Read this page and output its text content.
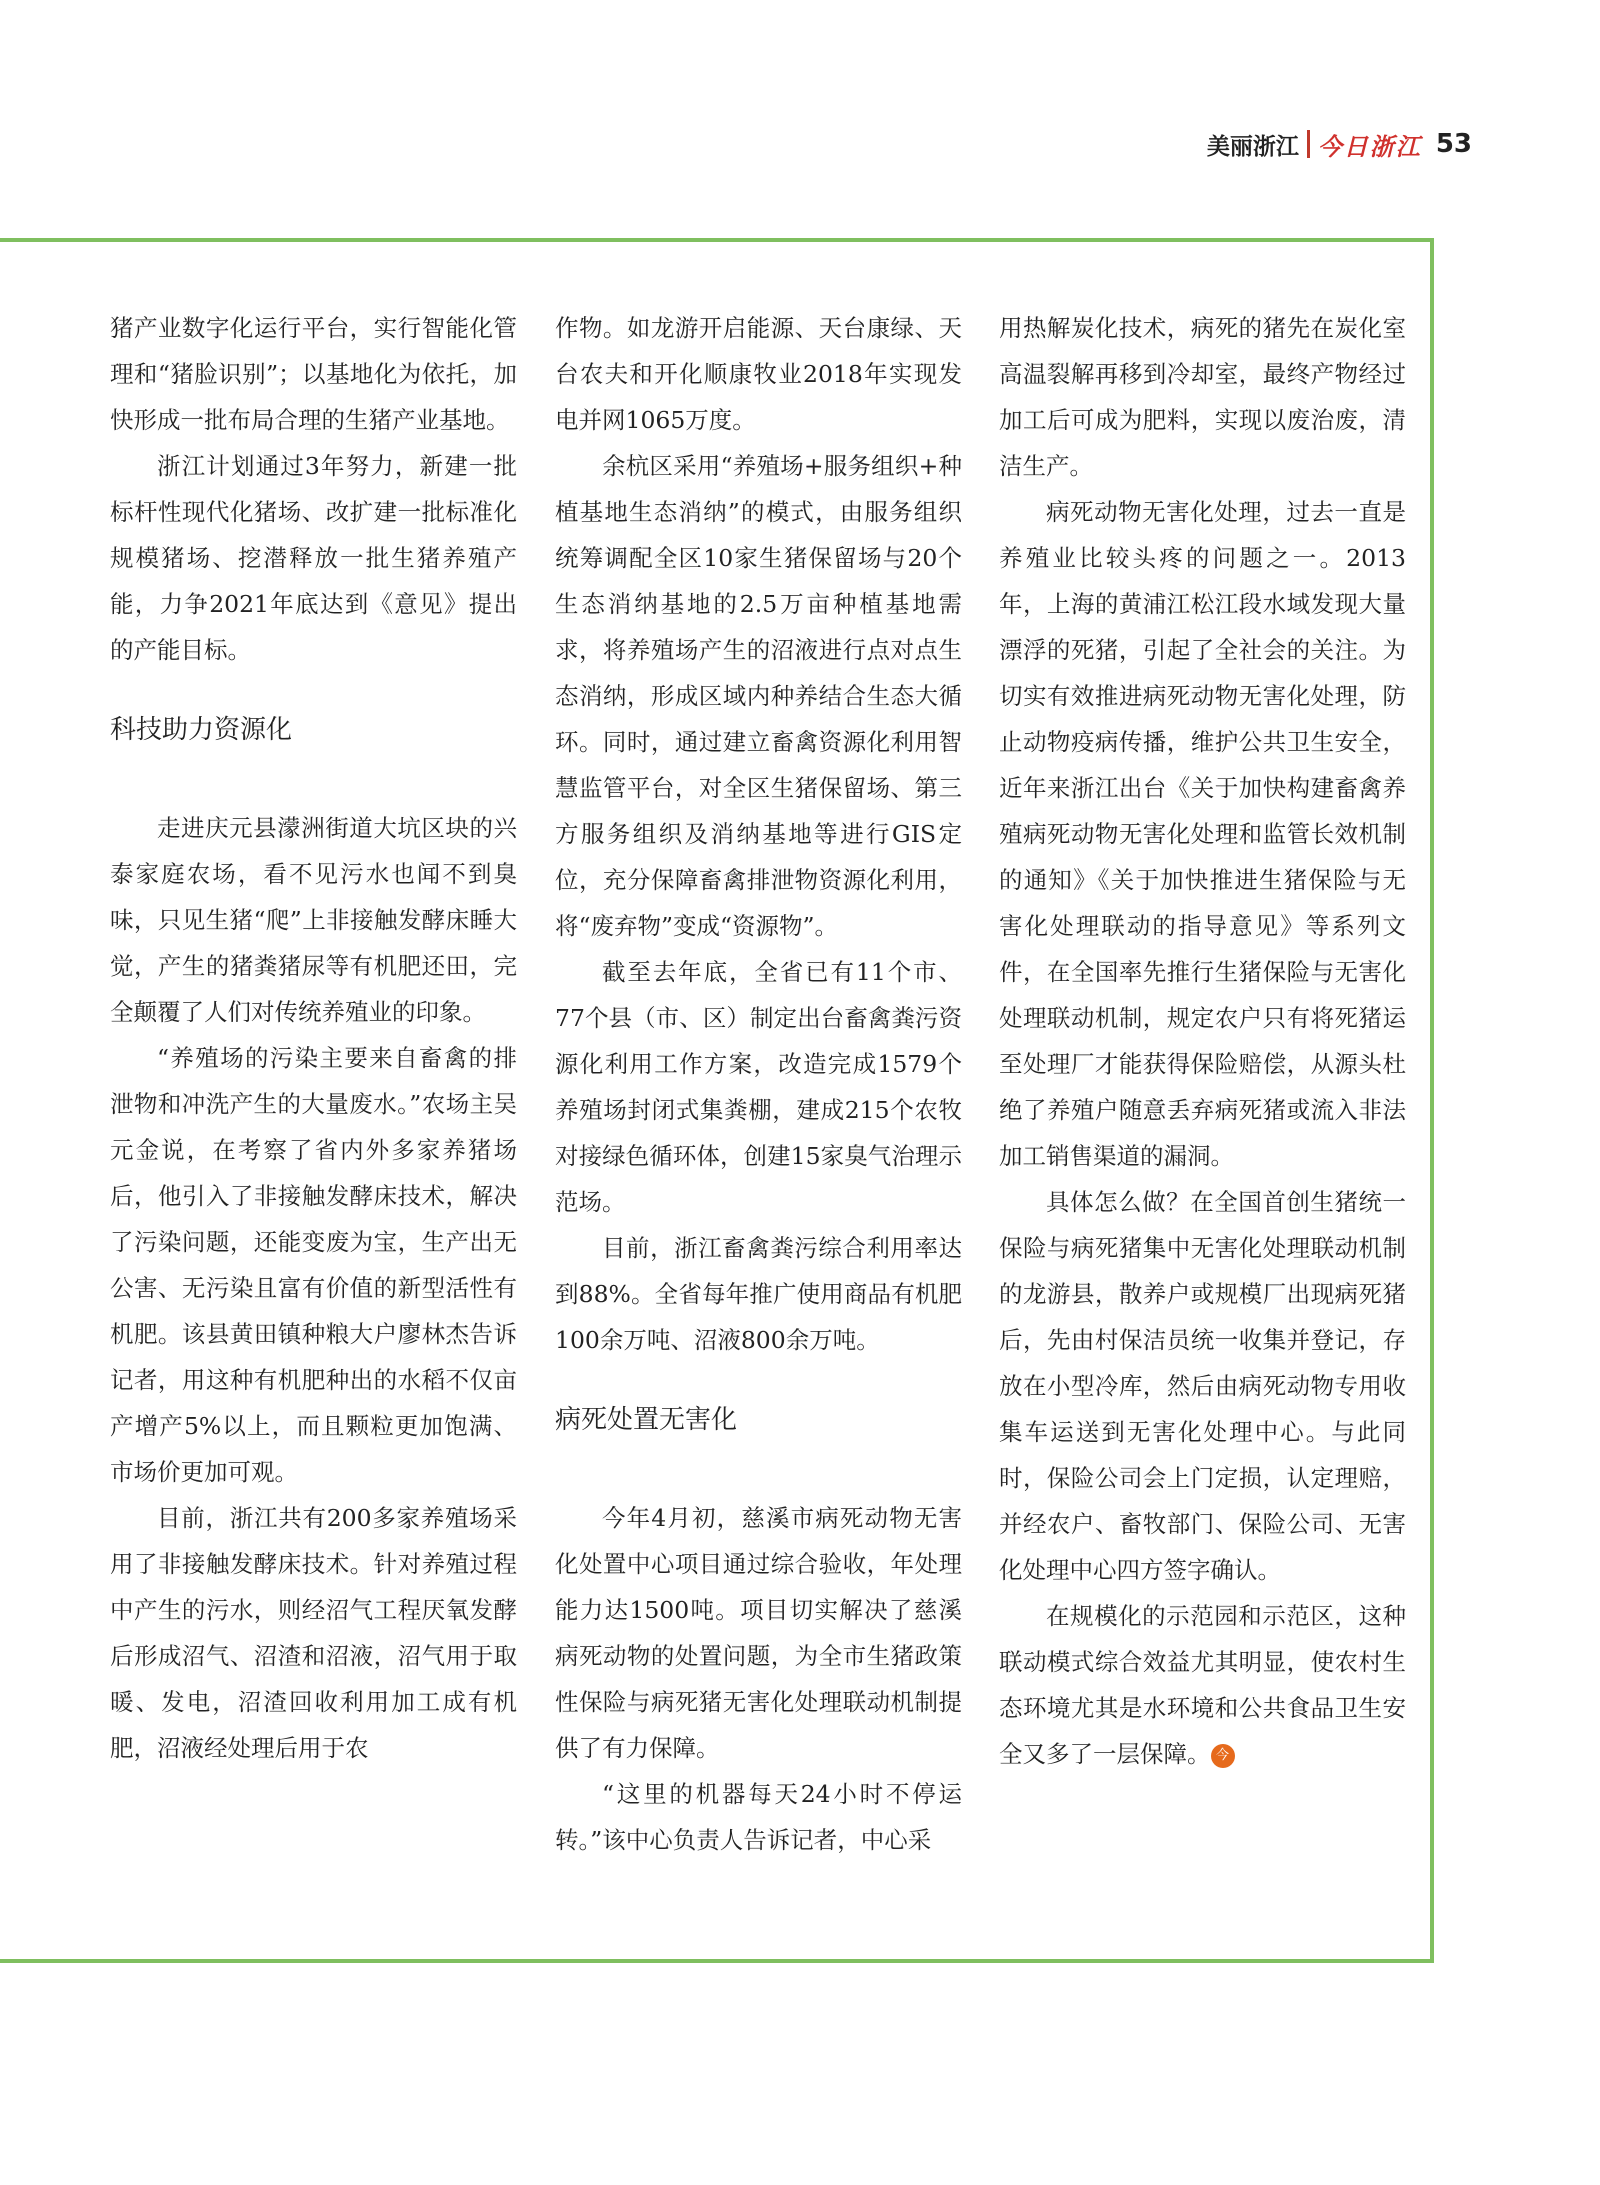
美丽浙江 今日浙江 53

猪产业数字化运行平台，实行智能化管理和“猪脸识别”；以基地化为依托，加快形成一批布局合理的生猪产业基地。

浙江计划通过3年努力，新建一批标杆性现代化猪场、改扩建一批标准化规模猪场、挖潜释放一批生猪养殖产能，力争2021年底达到《意见》提出的产能目标。

科技助力资源化

走进庆元县濛洲街道大坑区块的兴泰家庭农场，看不见污水也闻不到臭味，只见生猪“爬”上非接触发酵床睡大觉，产生的猪粪猪尿等有机肥还田，完全颠覆了人们对传统养殖业的印象。

“养殖场的污染主要来自畜禽的排泄物和冲洗产生的大量废水。”农场主吴元金说，在考察了省内外多家养猪场后，他引入了非接触发酵床技术，解决了污染问题，还能变废为宝，生产出无公害、无污染且富有价值的新型活性有机肥。该县黄田镇种粮大户廖林杰告诉记者，用这种有机肥种出的水稻不仅亩产增产5%以上，而且颗粒更加饱满、市场价更加可观。

目前，浙江共有200多家养殖场采用了非接触发酵床技术。针对养殖过程中产生的污水，则经沼气工程厌氧发酵后形成沼气、沼渣和沼液，沼气用于取暖、发电，沼渣回收利用加工成有机肥，沼液经处理后用于农

作物。如龙游开启能源、天台康绿、天台农夫和开化顺康牧业2018年实现发电并网1065万度。

余杭区采用“养殖场+服务组织+种植基地生态消纳”的模式，由服务组织统筹调配全区10家生猪保留场与20个生态消纳基地的2.5万亩种植基地需求，将养殖场产生的沼液进行点对点生态消纳，形成区域内种养结合生态大循环。同时，通过建立畜禽资源化利用智慧监管平台，对全区生猪保留场、第三方服务组织及消纳基地等进行GIS定位，充分保障畜禽排泄物资源化利用，将“废弃物”变成“资源物”。

截至去年底，全省已有11个市、77个县（市、区）制定出台畜禽粪污资源化利用工作方案，改造完成1579个养殖场封闭式集粪棚，建成215个农牧对接绿色循环体，创建15家臭气治理示范场。

目前，浙江畜禽粪污综合利用率达到88%。全省每年推广使用商品有机肥100余万吨、沼液800余万吨。

病死处置无害化

今年4月初，慈溪市病死动物无害化处置中心项目通过综合验收，年处理能力达1500吨。项目切实解决了慈溪病死动物的处置问题，为全市生猪政策性保险与病死猪无害化处理联动机制提供了有力保障。

“这里的机器每天24小时不停运转。”该中心负责人告诉记者，中心采

用热解炭化技术，病死的猪先在炭化室高温裂解再移到冷却室，最终产物经过加工后可成为肥料，实现以废治废，清洁生产。

病死动物无害化处理，过去一直是养殖业比较头疼的问题之一。2013年，上海的黄浦江松江段水域发现大量漂浮的死猪，引起了全社会的关注。为切实有效推进病死动物无害化处理，防止动物疫病传播，维护公共卫生安全，近年来浙江出台《关于加快构建畜禽养殖病死动物无害化处理和监管长效机制的通知》《关于加快推进生猪保险与无害化处理联动的指导意见》等系列文件，在全国率先推行生猪保险与无害化处理联动机制，规定农户只有将死猪运至处理厂才能获得保险赔偿，从源头杜绝了养殖户随意丢弃病死猪或流入非法加工销售渠道的漏洞。

具体怎么做？在全国首创生猪统一保险与病死猪集中无害化处理联动机制的龙游县，散养户或规模厂出现病死猪后，先由村保洁员统一收集并登记，存放在小型冷库，然后由病死动物专用收集车运送到无害化处理中心。与此同时，保险公司会上门定损，认定理赔，并经农户、畜牧部门、保险公司、无害化处理中心四方签字确认。

在规模化的示范园和示范区，这种联动模式综合效益尤其明显，使农村生态环境尤其是水环境和公共食品卫生安全又多了一层保障。 今
